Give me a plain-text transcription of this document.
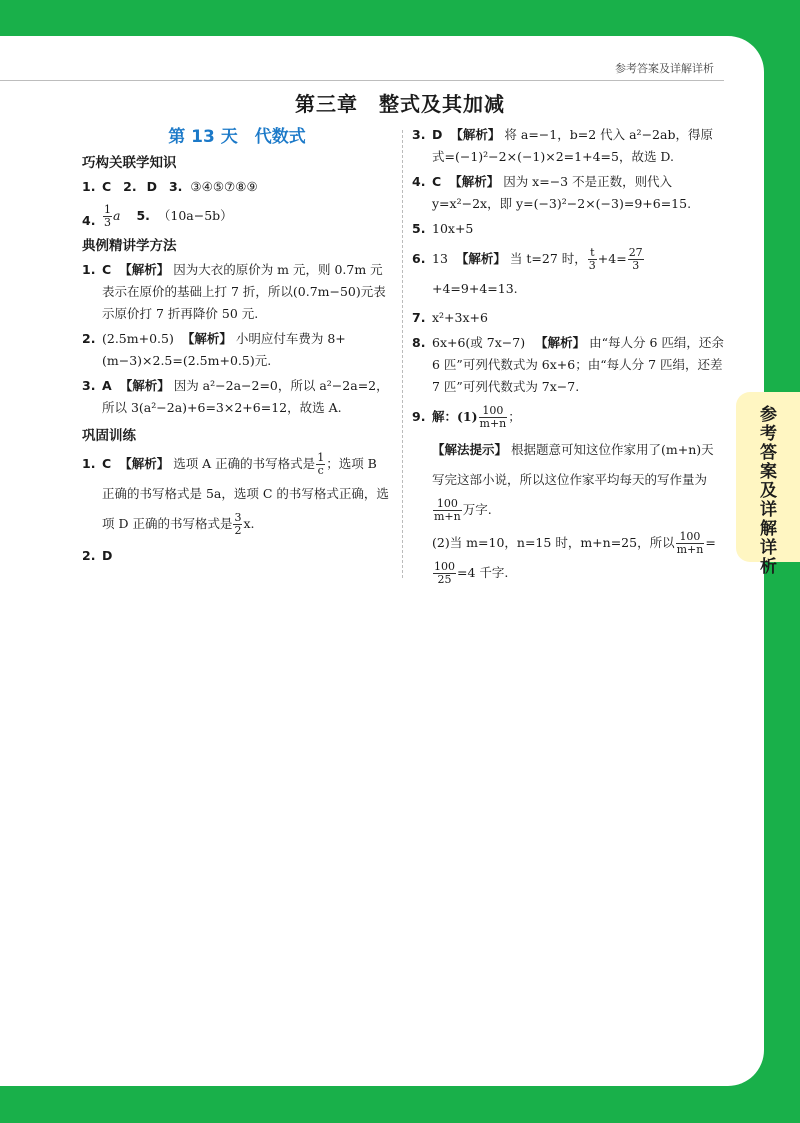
参考答案及详解详析
参考答案及详解详析
第三章　整式及其加减
第 13 天　代数式
巧构关联学知识
1. C 2. D 3. ③④⑤⑦⑧⑨
4. $\frac{1}{3}$ a 5. （10a−5b）
典例精讲学方法
1. C 【解析】 因为大衣的原价为 m 元，则 0.7m 元表示在原价的基础上打 7 折，所以(0.7m−50)元表示原价打 7 折再降价 50 元.
2. (2.5m+0.5) 【解析】 小明应付车费为 8+(m−3)×2.5=(2.5m+0.5)元.
3. A 【解析】 因为 a²−2a−2=0，所以 a²−2a=2，所以 3(a²−2a)+6=3×2+6=12，故选 A.
巩固训练
1. C 【解析】 选项 A 正确的书写格式是 $\frac{1}{c}$ ；选项 B 正确的书写格式是 5a，选项 C 的书写格式正确，选项 D 正确的书写格式是 $\frac{3}{2} x$.
2. D
3. D 【解析】 将 a=−1，b=2 代入 a²−2ab，得原式=(−1)²−2×(−1)×2=1+4=5，故选 D.
4. C 【解析】 因为 x=−3 不是正数，则代入 y=x²−2x，即 y=(−3)²−2×(−3)=9+6=15.
5. 10x+5
6. 13 【解析】 当 t=27 时， $\frac{t}{3} +4= \frac{27}{3}$
+4=9+4=13.
7. x²+3x+6
8. 6x+6(或 7x−7) 【解析】 由“每人分 6 匹绢，还余 6 匹”可列代数式为 6x+6；由“每人分 7 匹绢，还差 7 匹”可列代数式为 7x−7.
9. 解：$(1) \frac{100}{m+n}$ ；
【解法提示】 根据题意可知这位作家用了(m+n)天写完这部小说，所以这位作家平均每天的写作量为
$\frac{100}{m+n}$ 万字.
(2)当 m=10，n=15 时，m+n=25，所以 $\frac{100}{m+n}$ =
$\frac{100}{25} =4$ 千字.
